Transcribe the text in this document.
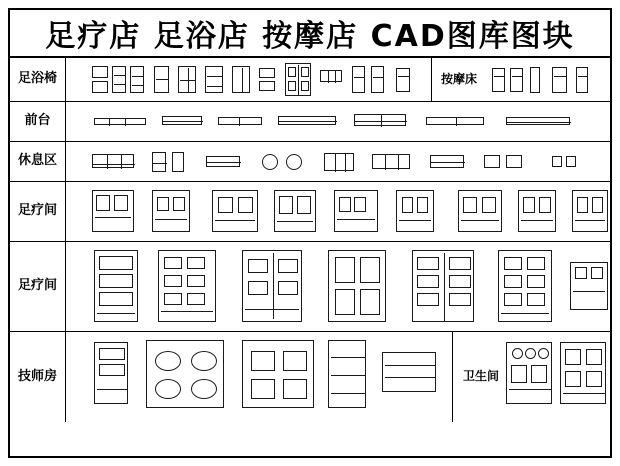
足疗店 足浴店 按摩店 CAD图库图块
足浴椅	按摩床
前台
休息区
足疗间
足疗间
技师房	卫生间
